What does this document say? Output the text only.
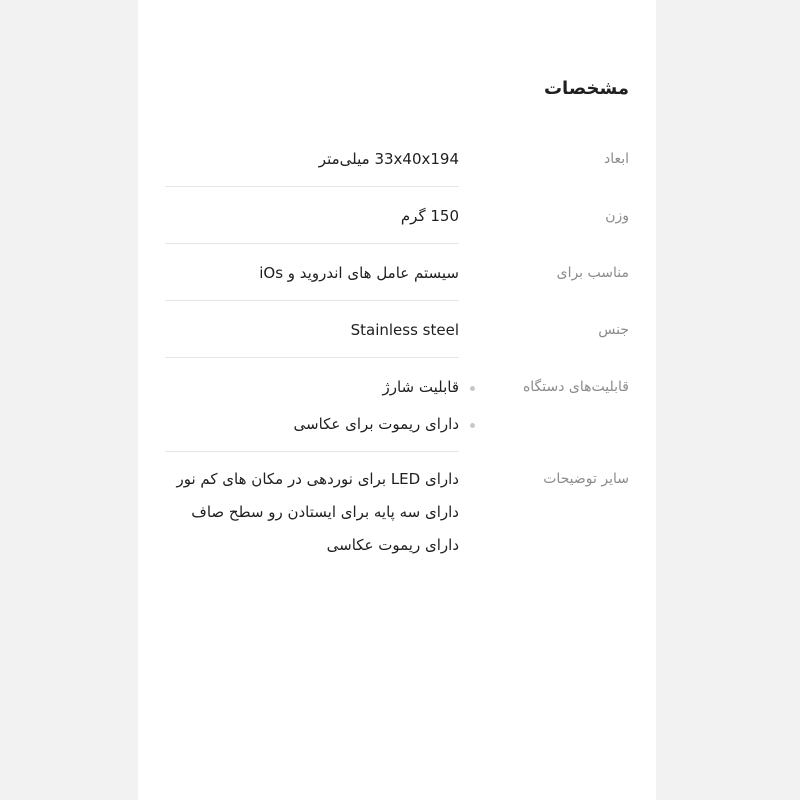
مشخصات
ابعاد
33x40x194 میلی‌متر
وزن
150 گرم
مناسب برای
سیستم عامل های اندروید و iOs
جنس
Stainless steel
قابلیت‌های دستگاه
قابلیت شارژ
دارای ریموت برای عکاسی
سایر توضیحات
دارای LED برای نوردهی در مکان های کم نور
دارای سه پایه برای ایستادن رو سطح صاف
دارای ریموت عکاسی
